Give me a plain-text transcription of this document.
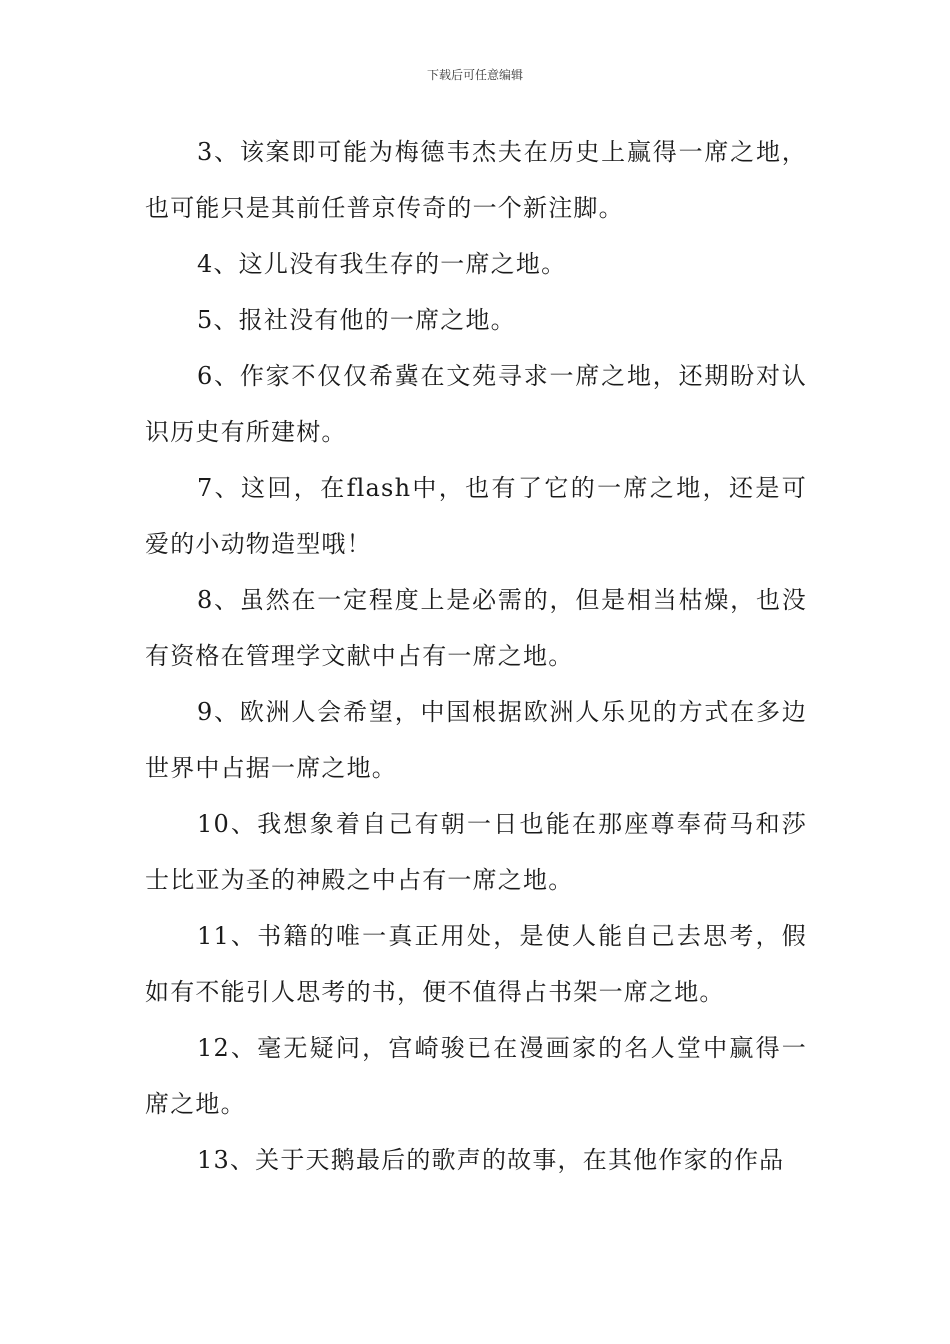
下载后可任意编辑

3、该案即可能为梅德韦杰夫在历史上赢得一席之地，也可能只是其前任普京传奇的一个新注脚。

4、这儿没有我生存的一席之地。

5、报社没有他的一席之地。

6、作家不仅仅希冀在文苑寻求一席之地，还期盼对认识历史有所建树。

7、这回，在flash中，也有了它的一席之地，还是可爱的小动物造型哦！

8、虽然在一定程度上是必需的，但是相当枯燥，也没有资格在管理学文献中占有一席之地。

9、欧洲人会希望，中国根据欧洲人乐见的方式在多边世界中占据一席之地。

10、我想象着自己有朝一日也能在那座尊奉荷马和莎士比亚为圣的神殿之中占有一席之地。

11、书籍的唯一真正用处，是使人能自己去思考，假如有不能引人思考的书，便不值得占书架一席之地。

12、毫无疑问，宫崎骏已在漫画家的名人堂中赢得一席之地。

13、关于天鹅最后的歌声的故事，在其他作家的作品
